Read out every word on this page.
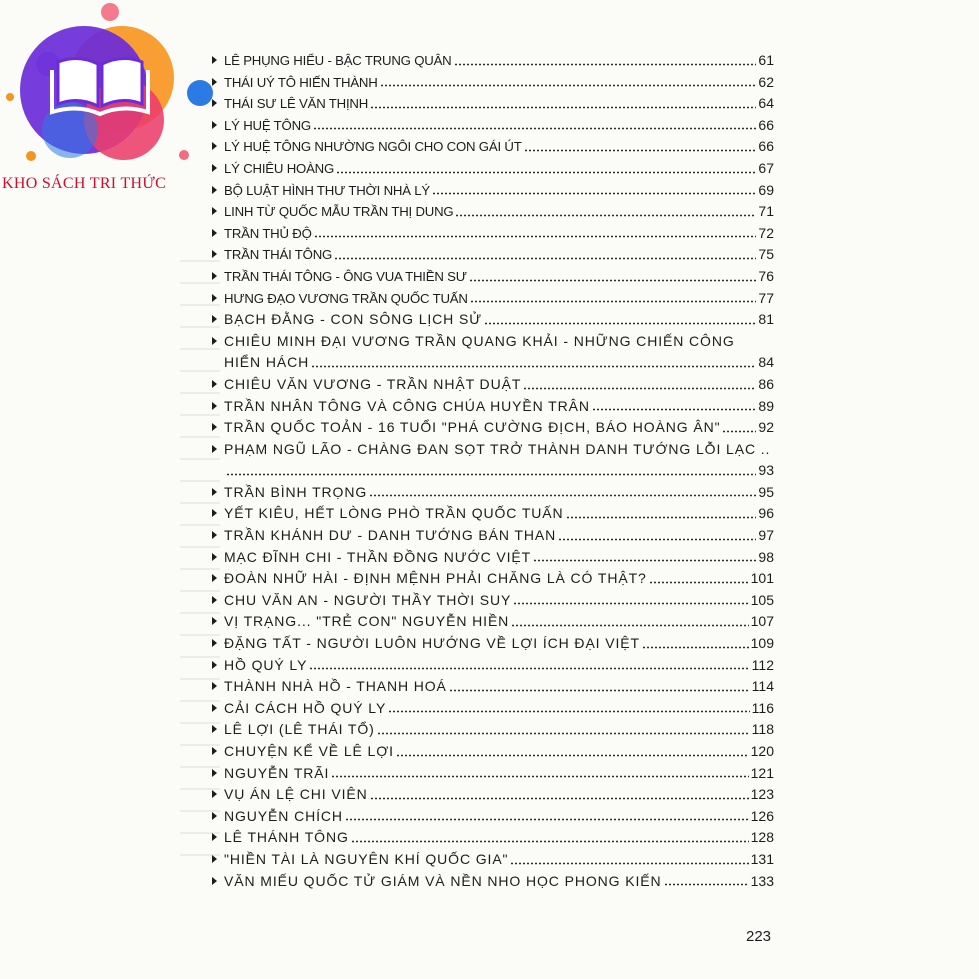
KHO SÁCH TRI THỨC
LÊ PHỤNG HIỂU - BẬC TRUNG QUÂN	61
THÁI UÝ TÔ HIẾN THÀNH	62
THÁI SƯ LÊ VĂN THỊNH	64
LÝ HUỆ TÔNG	66
LÝ HUỆ TÔNG NHƯỜNG NGÔI CHO CON GÁI ÚT	66
LÝ CHIÊU HOÀNG	67
BỘ LUẬT HÌNH THƯ THỜI NHÀ LÝ	69
LINH TỪ QUỐC MẪU TRẦN THỊ DUNG	71
TRẦN THỦ ĐỘ	72
TRẦN THÁI TÔNG	75
TRẦN THÁI TÔNG - ÔNG VUA THIỀN SƯ	76
HƯNG ĐẠO VƯƠNG TRẦN QUỐC TUẤN	77
BẠCH ĐẰNG - CON SÔNG LỊCH SỬ	81
CHIÊU MINH ĐẠI VƯƠNG TRẦN QUANG KHẢI - NHỮNG CHIẾN CÔNG
HIỂN HÁCH	84
CHIÊU VĂN VƯƠNG - TRẦN NHẬT DUẬT	86
TRẦN NHÂN TÔNG VÀ CÔNG CHÚA HUYỀN TRÂN	89
TRẦN QUỐC TOẢN - 16 TUỔI "PHÁ CƯỜNG ĐỊCH, BÁO HOÀNG ÂN"	92
PHẠM NGŨ LÃO - CHÀNG ĐAN SỌT TRỞ THÀNH DANH TƯỚNG LỖI LẠC ..
93
TRẦN BÌNH TRỌNG	95
YẾT KIÊU, HẾT LÒNG PHÒ TRẦN QUỐC TUẤN	96
TRẦN KHÁNH DƯ - DANH TƯỚNG BÁN THAN	97
MẠC ĐĨNH CHI - THẦN ĐỒNG NƯỚC VIỆT	98
ĐOÀN NHỮ HÀI - ĐỊNH MỆNH PHẢI CHĂNG LÀ CÓ THẬT?	101
CHU VĂN AN - NGƯỜI THẦY THỜI SUY	105
VỊ TRẠNG... "TRẺ CON" NGUYỄN HIỀN	107
ĐẶNG TẤT - NGƯỜI LUÔN HƯỚNG VỀ LỢI ÍCH ĐẠI VIỆT	109
HỒ QUÝ LY	112
THÀNH NHÀ HỒ - THANH HOÁ	114
CẢI CÁCH HỒ QUÝ LY	116
LÊ LỢI (LÊ THÁI TỔ)	118
CHUYỆN KỂ VỀ LÊ LỢI	120
NGUYỄN TRÃI	121
VỤ ÁN LỆ CHI VIÊN	123
NGUYỄN CHÍCH	126
LÊ THÁNH TÔNG	128
"HIỀN TÀI LÀ NGUYÊN KHÍ QUỐC GIA"	131
VĂN MIẾU QUỐC TỬ GIÁM VÀ NỀN NHO HỌC PHONG KIẾN	133
223
